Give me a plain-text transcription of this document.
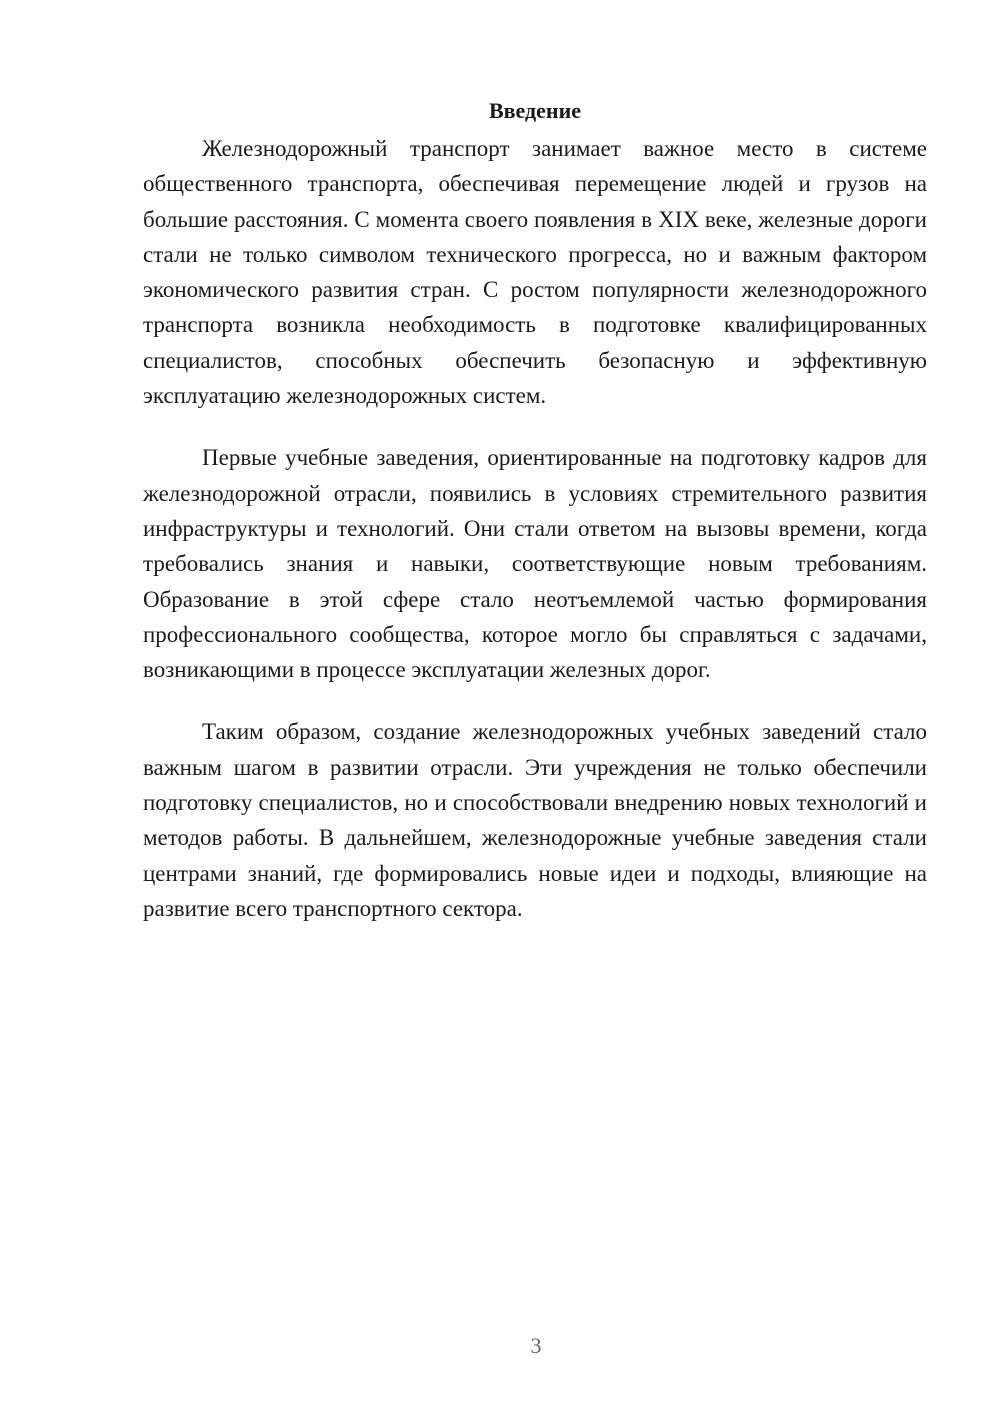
Введение

Железнодорожный транспорт занимает важное место в системе общественного транспорта, обеспечивая перемещение людей и грузов на большие расстояния. С момента своего появления в XIX веке, железные дороги стали не только символом технического прогресса, но и важным фактором экономического развития стран. С ростом популярности железнодорожного транспорта возникла необходимость в подготовке квалифицированных специалистов, способных обеспечить безопасную и эффективную эксплуатацию железнодорожных систем.

Первые учебные заведения, ориентированные на подготовку кадров для железнодорожной отрасли, появились в условиях стремительного развития инфраструктуры и технологий. Они стали ответом на вызовы времени, когда требовались знания и навыки, соответствующие новым требованиям. Образование в этой сфере стало неотъемлемой частью формирования профессионального сообщества, которое могло бы справляться с задачами, возникающими в процессе эксплуатации железных дорог.

Таким образом, создание железнодорожных учебных заведений стало важным шагом в развитии отрасли. Эти учреждения не только обеспечили подготовку специалистов, но и способствовали внедрению новых технологий и методов работы. В дальнейшем, железнодорожные учебные заведения стали центрами знаний, где формировались новые идеи и подходы, влияющие на развитие всего транспортного сектора.

3
